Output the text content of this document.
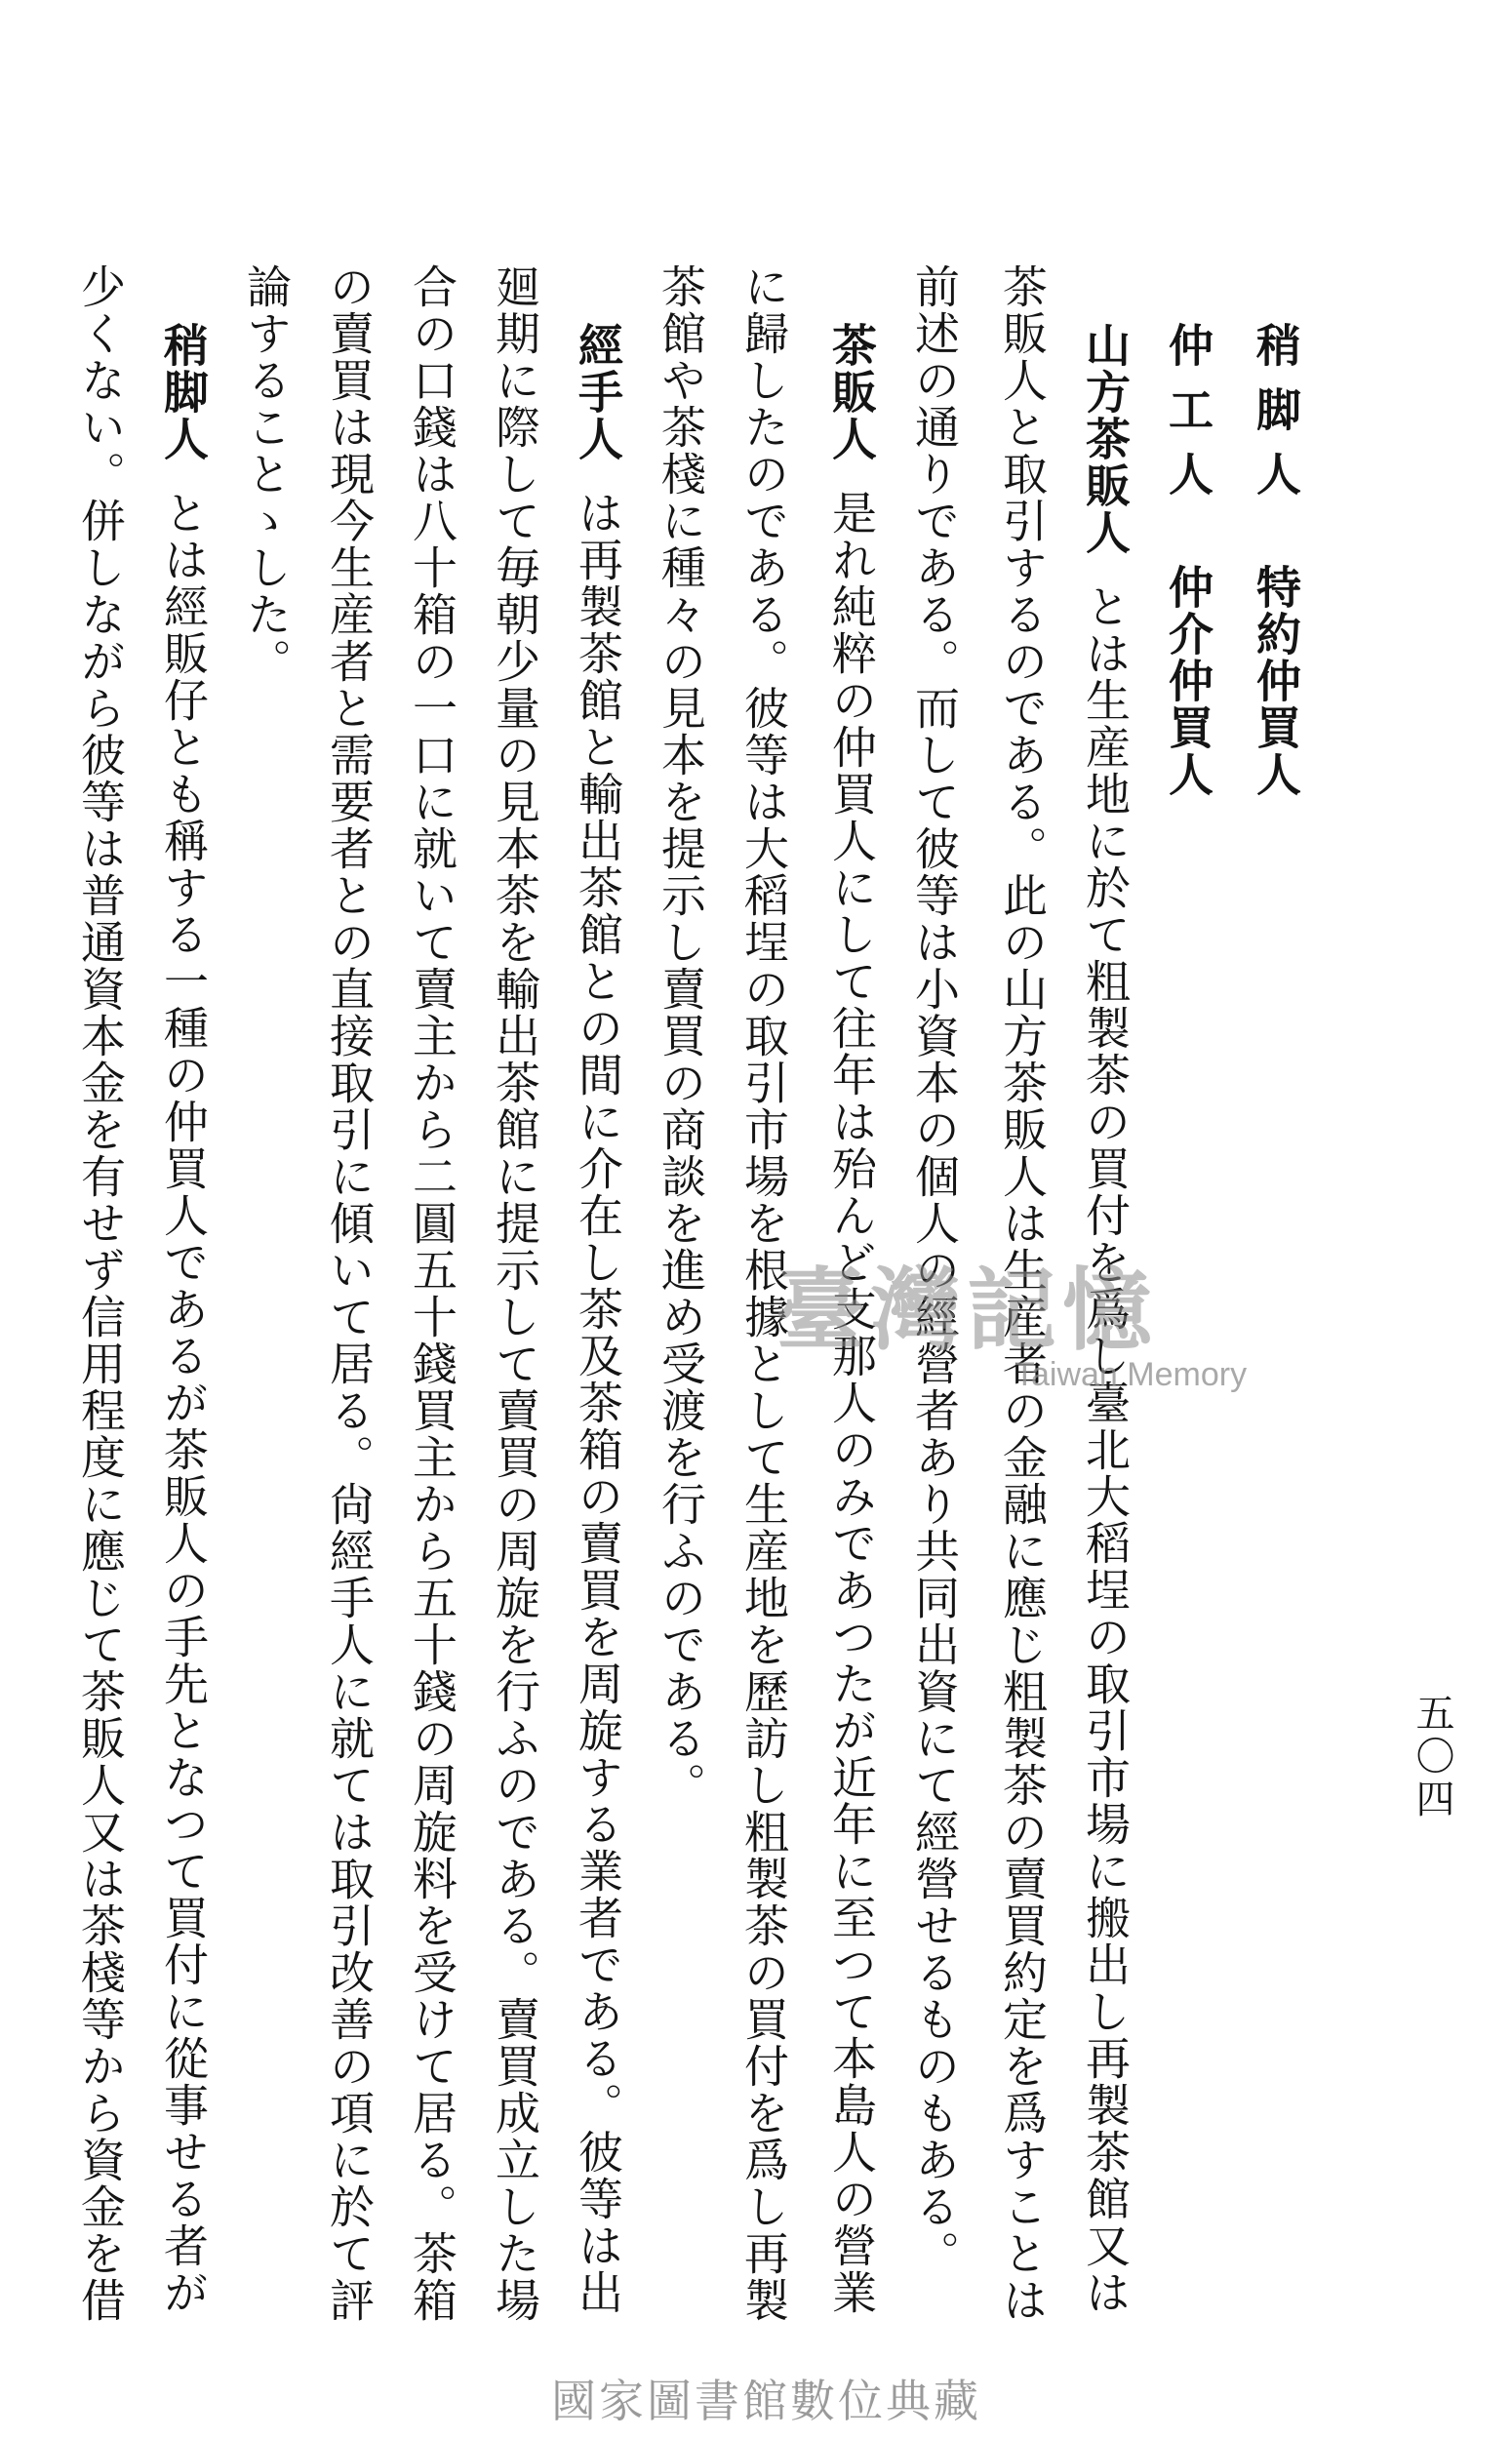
五〇四
稍脚人特約仲買人
仲工人仲介仲買人
山方茶販人とは生産地に於て粗製茶の買付を爲し臺北大稻埕の取引市場に搬出し再製茶館又は
茶販人と取引するのである。此の山方茶販人は生産者の金融に應じ粗製茶の賣買約定を爲すことは
前述の通りである。而して彼等は小資本の個人の經營者あり共同出資にて經營せるものもある。
茶販人是れ純粹の仲買人にして往年は殆んど支那人のみであつたが近年に至つて本島人の營業
に歸したのである。彼等は大稻埕の取引市場を根據として生産地を歷訪し粗製茶の買付を爲し再製
茶館や茶棧に種々の見本を提示し賣買の商談を進め受渡を行ふのである。
經手人は再製茶館と輸出茶館との間に介在し茶及茶箱の賣買を周旋する業者である。彼等は出
廻期に際して毎朝少量の見本茶を輸出茶館に提示して賣買の周旋を行ふのである。賣買成立した場
合の口錢は八十箱の一口に就いて賣主から二圓五十錢買主から五十錢の周旋料を受けて居る。茶箱
の賣買は現今生産者と需要者との直接取引に傾いて居る。尙經手人に就ては取引改善の項に於て評
論することゝした。
稍脚人とは經販仔とも稱する一種の仲買人であるが茶販人の手先となつて買付に從事せる者が
少くない。併しながら彼等は普通資本金を有せず信用程度に應じて茶販人又は茶棧等から資金を借	臺灣記憶
Taiwan Memory
國家圖書館數位典藏
